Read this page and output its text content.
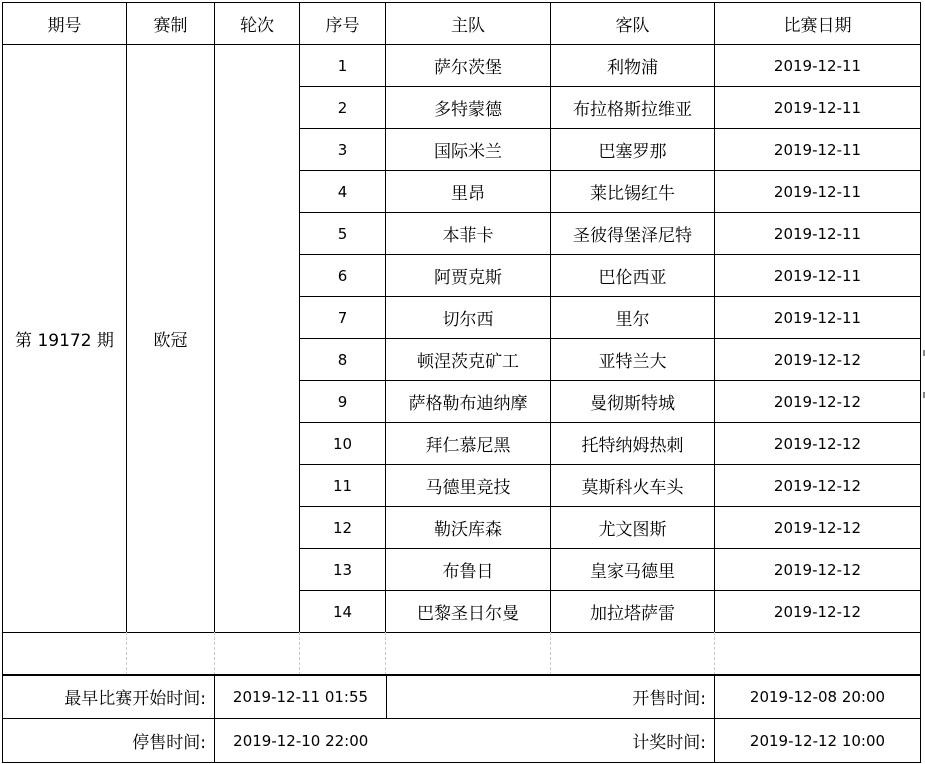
期号	赛制	轮次	序号	主队	客队	比赛日期
第 19172 期	欧冠		1	萨尔茨堡	利物浦	2019-12-11
			2	多特蒙德	布拉格斯拉维亚	2019-12-11
			3	国际米兰	巴塞罗那	2019-12-11
			4	里昂	莱比锡红牛	2019-12-11
			5	本菲卡	圣彼得堡泽尼特	2019-12-11
			6	阿贾克斯	巴伦西亚	2019-12-11
			7	切尔西	里尔	2019-12-11
			8	顿涅茨克矿工	亚特兰大	2019-12-12
			9	萨格勒布迪纳摩	曼彻斯特城	2019-12-12
			10	拜仁慕尼黑	托特纳姆热刺	2019-12-12
			11	马德里竞技	莫斯科火车头	2019-12-12
			12	勒沃库森	尤文图斯	2019-12-12
			13	布鲁日	皇家马德里	2019-12-12
			14	巴黎圣日尔曼	加拉塔萨雷	2019-12-12

最早比赛开始时间:	2019-12-11 01:55		开售时间:	2019-12-08 20:00
停售时间:	2019-12-10 22:00		计奖时间:	2019-12-12 10:00
